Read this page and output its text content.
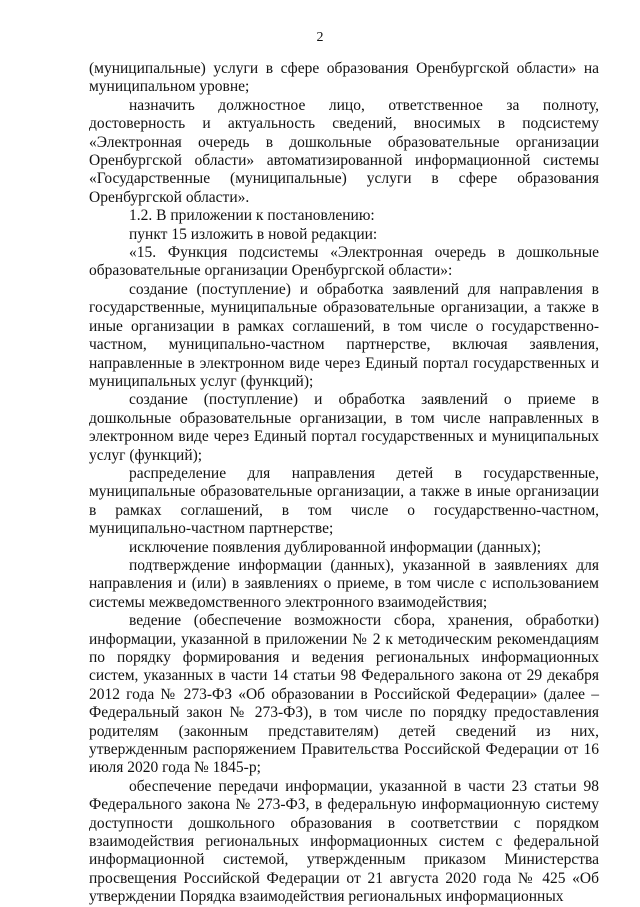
2

(муниципальные) услуги в сфере образования Оренбургской области» на муниципальном уровне;

назначить должностное лицо, ответственное за полноту, достоверность и актуальность сведений, вносимых в подсистему «Электронная очередь в дошкольные образовательные организации Оренбургской области» автоматизированной информационной системы «Государственные (муниципальные) услуги в сфере образования Оренбургской области».

1.2. В приложении к постановлению:

пункт 15 изложить в новой редакции:

«15. Функция подсистемы «Электронная очередь в дошкольные образовательные организации Оренбургской области»:

создание (поступление) и обработка заявлений для направления в государственные, муниципальные образовательные организации, а также в иные организации в рамках соглашений, в том числе о государственно-частном, муниципально-частном партнерстве, включая заявления, направленные в электронном виде через Единый портал государственных и муниципальных услуг (функций);

создание (поступление) и обработка заявлений о приеме в дошкольные образовательные организации, в том числе направленных в электронном виде через Единый портал государственных и муниципальных услуг (функций);

распределение для направления детей в государственные, муниципальные образовательные организации, а также в иные организации в рамках соглашений, в том числе о государственно-частном, муниципально-частном партнерстве;

исключение появления дублированной информации (данных);

подтверждение информации (данных), указанной в заявлениях для направления и (или) в заявлениях о приеме, в том числе с использованием системы межведомственного электронного взаимодействия;

ведение (обеспечение возможности сбора, хранения, обработки) информации, указанной в приложении № 2 к методическим рекомендациям по порядку формирования и ведения региональных информационных систем, указанных в части 14 статьи 98 Федерального закона от 29 декабря 2012 года № 273-ФЗ «Об образовании в Российской Федерации» (далее – Федеральный закон № 273-ФЗ), в том числе по порядку предоставления родителям (законным представителям) детей сведений из них, утвержденным распоряжением Правительства Российской Федерации от 16 июля 2020 года № 1845-р;

обеспечение передачи информации, указанной в части 23 статьи 98 Федерального закона № 273-ФЗ, в федеральную информационную систему доступности дошкольного образования в соответствии с порядком взаимодействия региональных информационных систем с федеральной информационной системой, утвержденным приказом Министерства просвещения Российской Федерации от 21 августа 2020 года № 425 «Об утверждении Порядка взаимодействия региональных информационных
